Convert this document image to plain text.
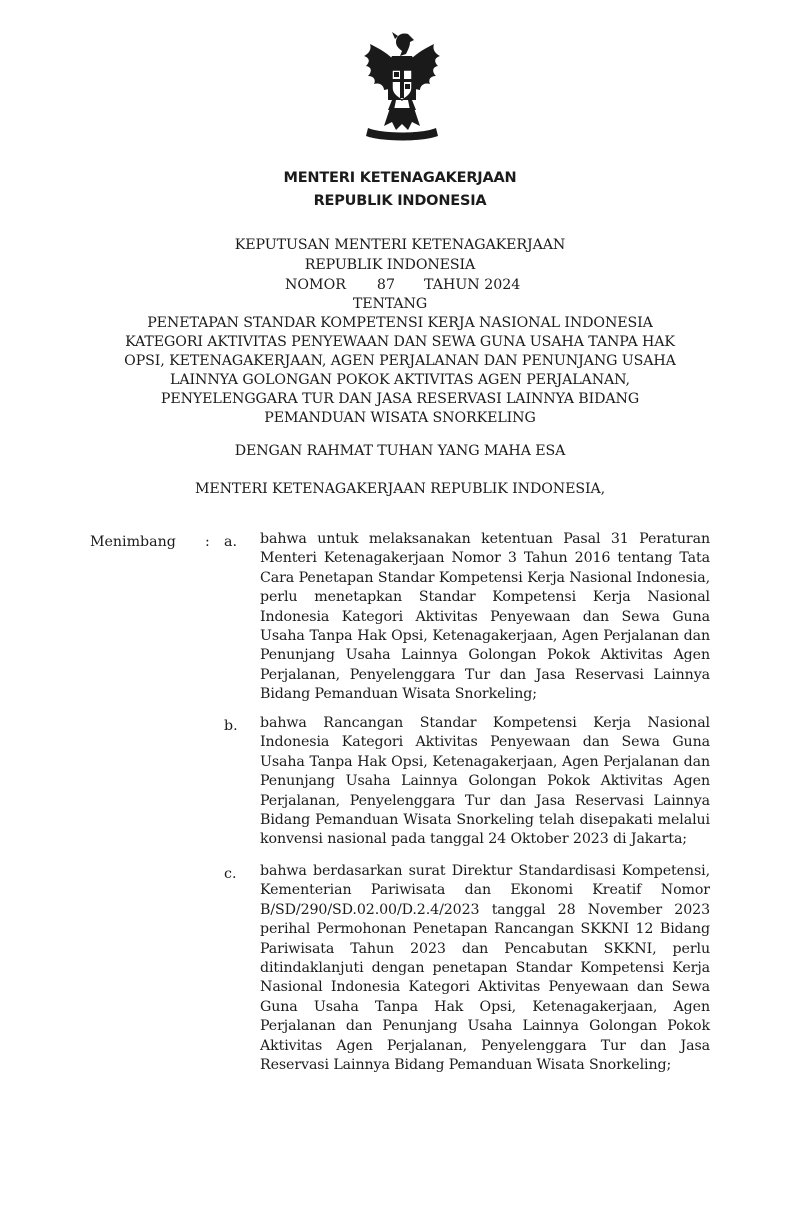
MENTERI KETENAGAKERJAAN
REPUBLIK INDONESIA
KEPUTUSAN MENTERI KETENAGAKERJAAN
REPUBLIK INDONESIA
NOMOR 87 TAHUN 2024
TENTANG
PENETAPAN STANDAR KOMPETENSI KERJA NASIONAL INDONESIA
KATEGORI AKTIVITAS PENYEWAAN DAN SEWA GUNA USAHA TANPA HAK
OPSI, KETENAGAKERJAAN, AGEN PERJALANAN DAN PENUNJANG USAHA
LAINNYA GOLONGAN POKOK AKTIVITAS AGEN PERJALANAN,
PENYELENGGARA TUR DAN JASA RESERVASI LAINNYA BIDANG
PEMANDUAN WISATA SNORKELING
DENGAN RAHMAT TUHAN YANG MAHA ESA
MENTERI KETENAGAKERJAAN REPUBLIK INDONESIA,
Menimbang : a. bahwa untuk melaksanakan ketentuan Pasal 31 Peraturan Menteri Ketenagakerjaan Nomor 3 Tahun 2016 tentang Tata Cara Penetapan Standar Kompetensi Kerja Nasional Indonesia, perlu menetapkan Standar Kompetensi Kerja Nasional Indonesia Kategori Aktivitas Penyewaan dan Sewa Guna Usaha Tanpa Hak Opsi, Ketenagakerjaan, Agen Perjalanan dan Penunjang Usaha Lainnya Golongan Pokok Aktivitas Agen Perjalanan, Penyelenggara Tur dan Jasa Reservasi Lainnya Bidang Pemanduan Wisata Snorkeling;
b. bahwa Rancangan Standar Kompetensi Kerja Nasional Indonesia Kategori Aktivitas Penyewaan dan Sewa Guna Usaha Tanpa Hak Opsi, Ketenagakerjaan, Agen Perjalanan dan Penunjang Usaha Lainnya Golongan Pokok Aktivitas Agen Perjalanan, Penyelenggara Tur dan Jasa Reservasi Lainnya Bidang Pemanduan Wisata Snorkeling telah disepakati melalui konvensi nasional pada tanggal 24 Oktober 2023 di Jakarta;
c. bahwa berdasarkan surat Direktur Standardisasi Kompetensi, Kementerian Pariwisata dan Ekonomi Kreatif Nomor B/SD/290/SD.02.00/D.2.4/2023 tanggal 28 November 2023 perihal Permohonan Penetapan Rancangan SKKNI 12 Bidang Pariwisata Tahun 2023 dan Pencabutan SKKNI, perlu ditindaklanjuti dengan penetapan Standar Kompetensi Kerja Nasional Indonesia Kategori Aktivitas Penyewaan dan Sewa Guna Usaha Tanpa Hak Opsi, Ketenagakerjaan, Agen Perjalanan dan Penunjang Usaha Lainnya Golongan Pokok Aktivitas Agen Perjalanan, Penyelenggara Tur dan Jasa Reservasi Lainnya Bidang Pemanduan Wisata Snorkeling;
